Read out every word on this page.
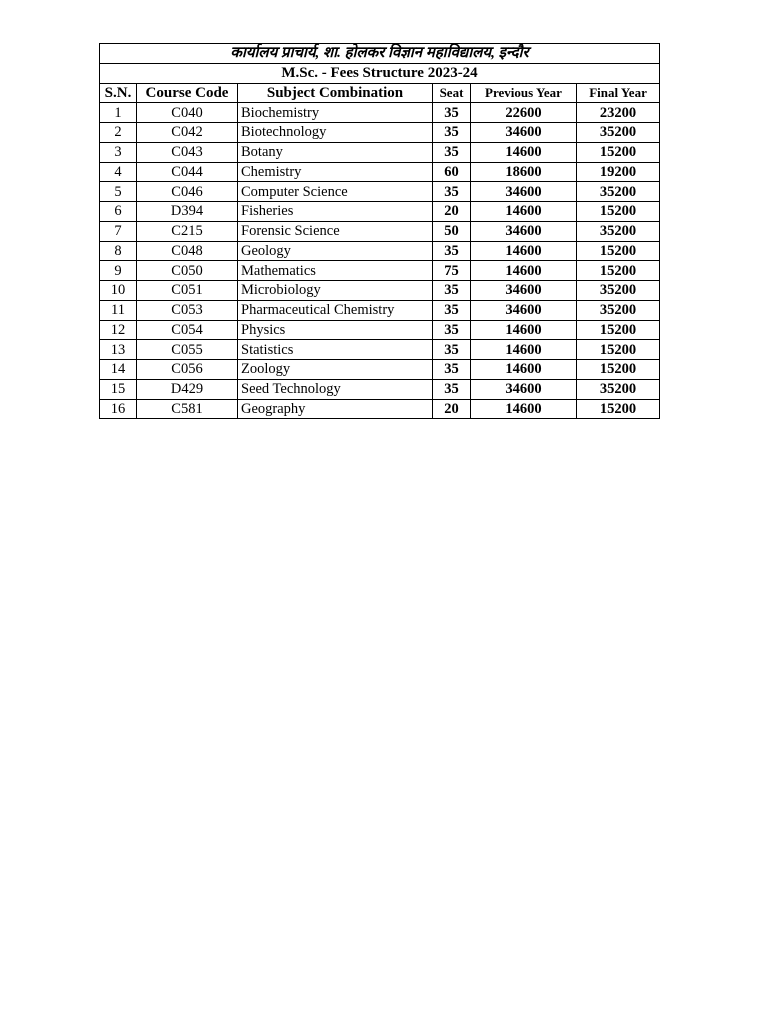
कार्यालय प्राचार्य, शा. होलकर विज्ञान महाविद्यालय, इन्दौर					
M.Sc. - Fees Structure 2023-24					
S.N.	Course Code	Subject Combination	Seat	Previous Year	Final Year
1	C040	Biochemistry	35	22600	23200
2	C042	Biotechnology	35	34600	35200
3	C043	Botany	35	14600	15200
4	C044	Chemistry	60	18600	19200
5	C046	Computer Science	35	34600	35200
6	D394	Fisheries	20	14600	15200
7	C215	Forensic Science	50	34600	35200
8	C048	Geology	35	14600	15200
9	C050	Mathematics	75	14600	15200
10	C051	Microbiology	35	34600	35200
11	C053	Pharmaceutical Chemistry	35	34600	35200
12	C054	Physics	35	14600	15200
13	C055	Statistics	35	14600	15200
14	C056	Zoology	35	14600	15200
15	D429	Seed Technology	35	34600	35200
16	C581	Geography	20	14600	15200
